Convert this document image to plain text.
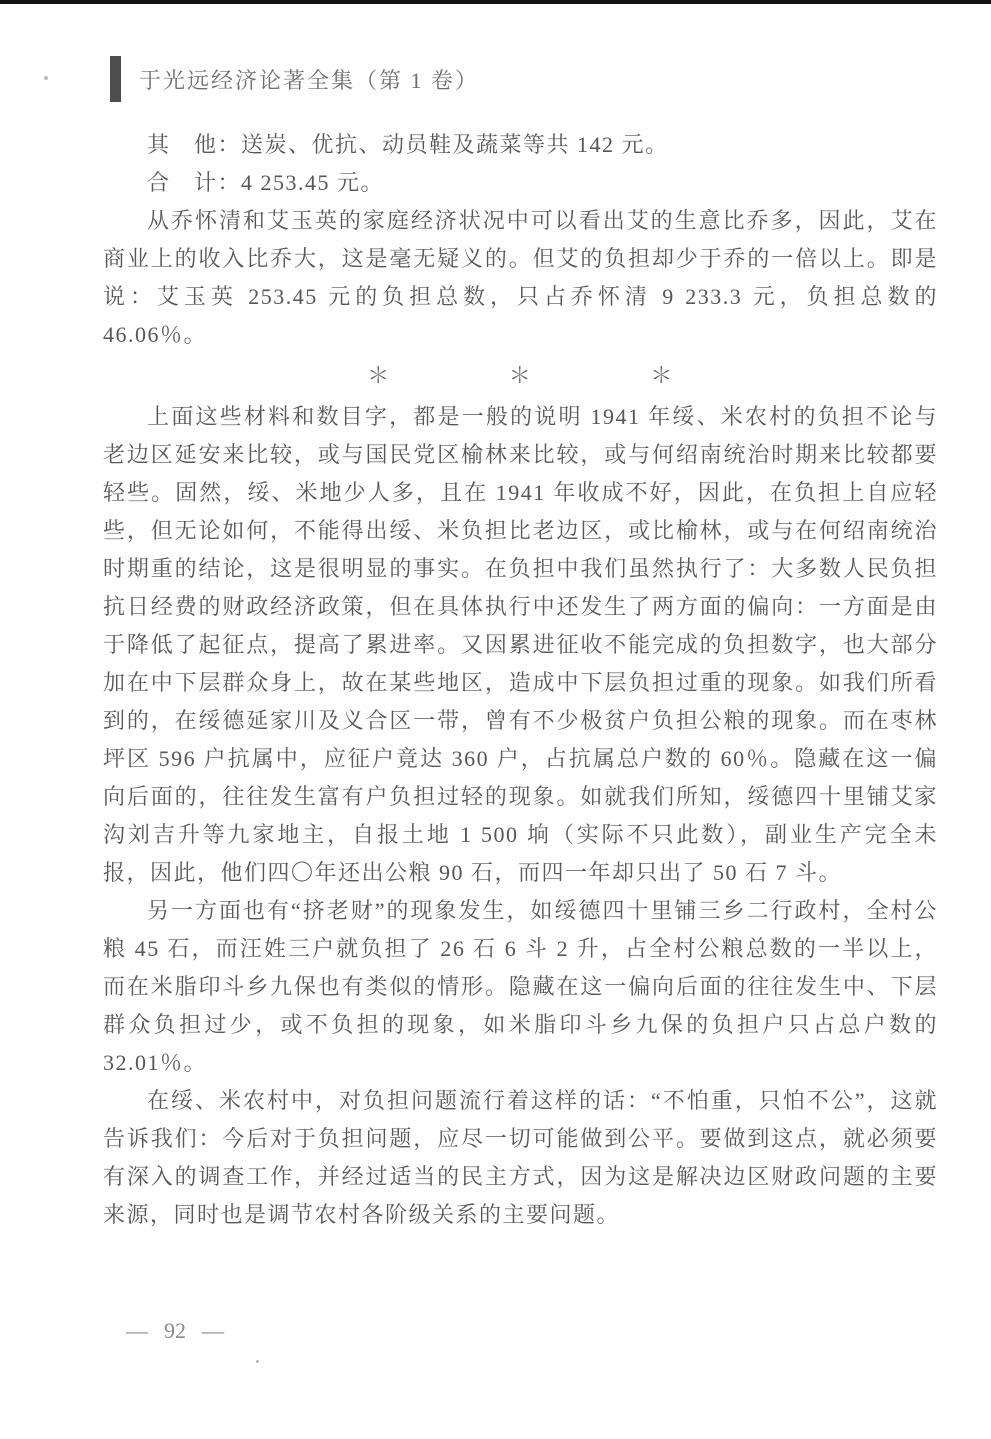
于光远经济论著全集（第 1 卷）

其　他：送炭、优抗、动员鞋及蔬菜等共 142 元。

合　计：4 253.45 元。

从乔怀清和艾玉英的家庭经济状况中可以看出艾的生意比乔多，因此，艾在商业上的收入比乔大，这是毫无疑义的。但艾的负担却少于乔的一倍以上。即是说：艾玉英 253.45 元的负担总数，只占乔怀清 9 233.3 元，负担总数的 46.06％。

＊	＊	＊

上面这些材料和数目字，都是一般的说明 1941 年绥、米农村的负担不论与老边区延安来比较，或与国民党区榆林来比较，或与何绍南统治时期来比较都要轻些。固然，绥、米地少人多，且在 1941 年收成不好，因此，在负担上自应轻些，但无论如何，不能得出绥、米负担比老边区，或比榆林，或与在何绍南统治时期重的结论，这是很明显的事实。在负担中我们虽然执行了：大多数人民负担抗日经费的财政经济政策，但在具体执行中还发生了两方面的偏向：一方面是由于降低了起征点，提高了累进率。又因累进征收不能完成的负担数字，也大部分加在中下层群众身上，故在某些地区，造成中下层负担过重的现象。如我们所看到的，在绥德延家川及义合区一带，曾有不少极贫户负担公粮的现象。而在枣林坪区 596 户抗属中，应征户竟达 360 户，占抗属总户数的 60％。隐藏在这一偏向后面的，往往发生富有户负担过轻的现象。如就我们所知，绥德四十里铺艾家沟刘吉升等九家地主，自报土地 1 500 垧（实际不只此数），副业生产完全未报，因此，他们四〇年还出公粮 90 石，而四一年却只出了 50 石 7 斗。

另一方面也有“挤老财”的现象发生，如绥德四十里铺三乡二行政村，全村公粮 45 石，而汪姓三户就负担了 26 石 6 斗 2 升，占全村公粮总数的一半以上，而在米脂印斗乡九保也有类似的情形。隐藏在这一偏向后面的往往发生中、下层群众负担过少，或不负担的现象，如米脂印斗乡九保的负担户只占总户数的 32.01％。

在绥、米农村中，对负担问题流行着这样的话：“不怕重，只怕不公”，这就告诉我们：今后对于负担问题，应尽一切可能做到公平。要做到这点，就必须要有深入的调查工作，并经过适当的民主方式，因为这是解决边区财政问题的主要来源，同时也是调节农村各阶级关系的主要问题。

— 92 —
